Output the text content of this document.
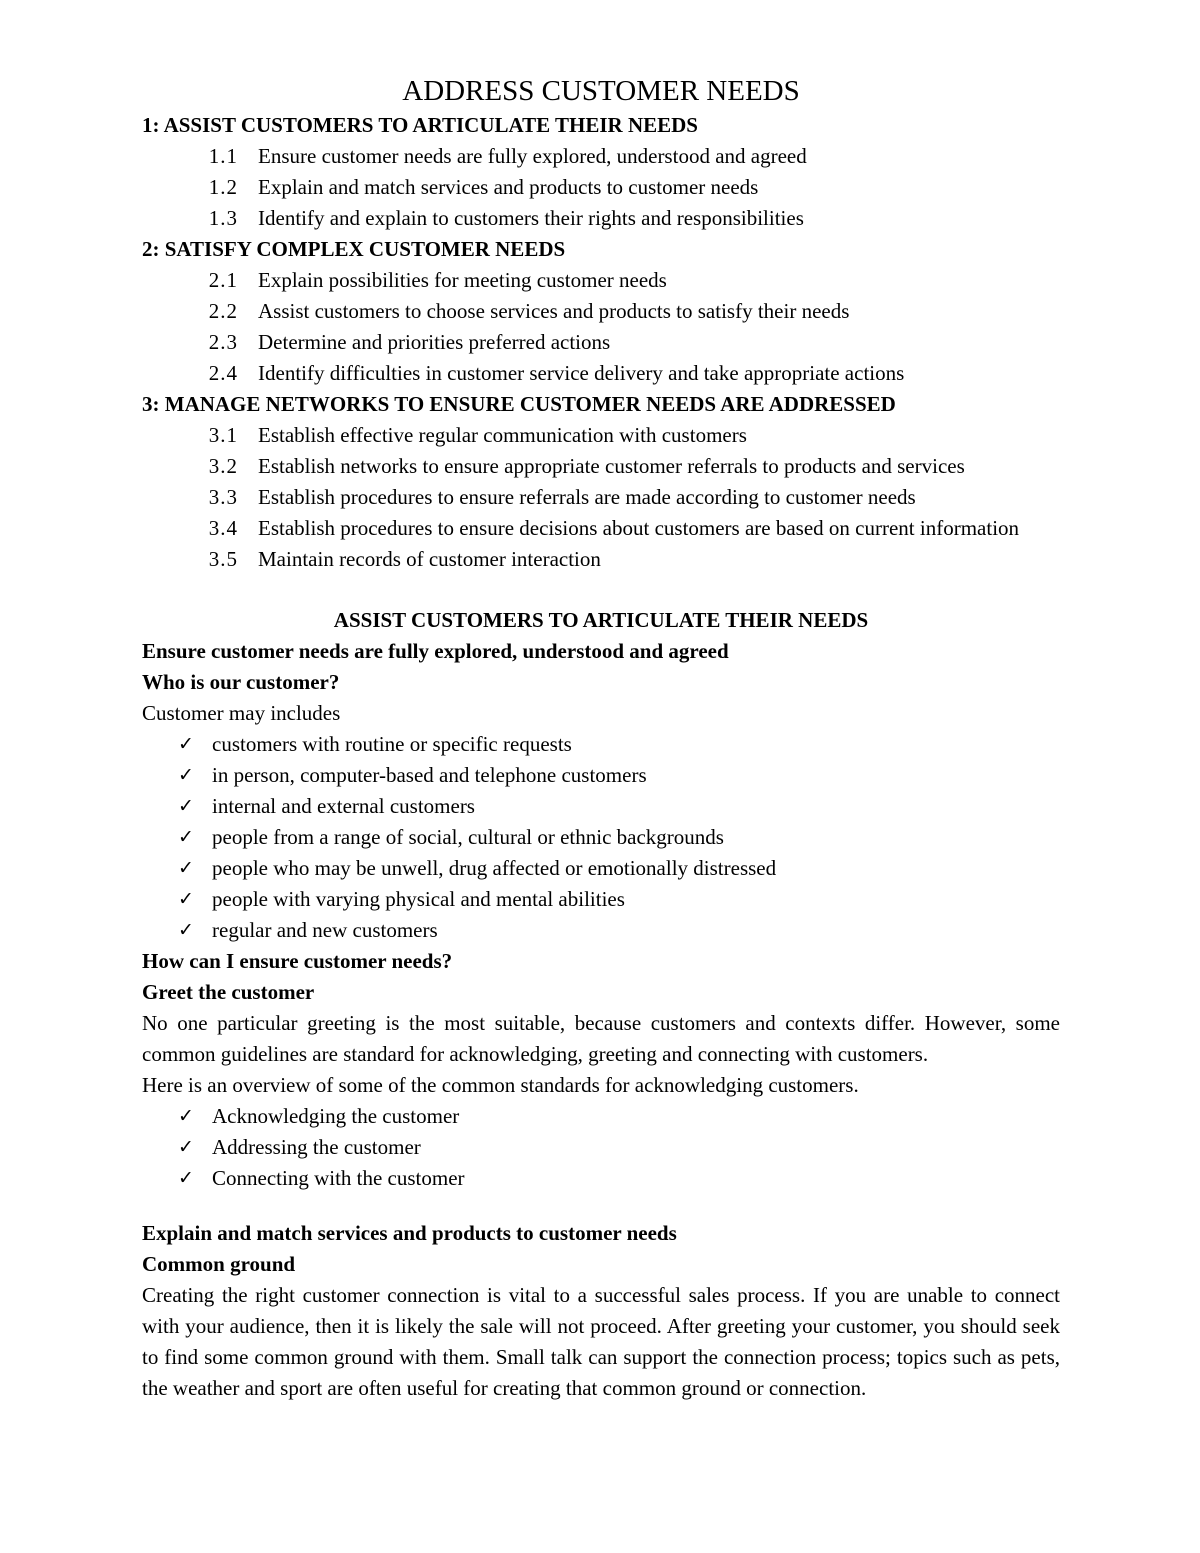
ADDRESS CUSTOMER NEEDS

1: ASSIST CUSTOMERS TO ARTICULATE THEIR NEEDS

1.1 Ensure customer needs are fully explored, understood and agreed
1.2 Explain and match services and products to customer needs
1.3 Identify and explain to customers their rights and responsibilities

2: SATISFY COMPLEX CUSTOMER NEEDS

2.1 Explain possibilities for meeting customer needs
2.2 Assist customers to choose services and products to satisfy their needs
2.3 Determine and priorities preferred actions
2.4 Identify difficulties in customer service delivery and take appropriate actions

3: MANAGE NETWORKS TO ENSURE CUSTOMER NEEDS ARE ADDRESSED

3.1 Establish effective regular communication with customers
3.2 Establish networks to ensure appropriate customer referrals to products and services
3.3 Establish procedures to ensure referrals are made according to customer needs
3.4 Establish procedures to ensure decisions about customers are based on current information
3.5 Maintain records of customer interaction

ASSIST CUSTOMERS TO ARTICULATE THEIR NEEDS

Ensure customer needs are fully explored, understood and agreed

Who is our customer?

Customer may includes

✓ customers with routine or specific requests
✓ in person, computer-based and telephone customers
✓ internal and external customers
✓ people from a range of social, cultural or ethnic backgrounds
✓ people who may be unwell, drug affected or emotionally distressed
✓ people with varying physical and mental abilities
✓ regular and new customers

How can I ensure customer needs?

Greet the customer

No one particular greeting is the most suitable, because customers and contexts differ. However, some common guidelines are standard for acknowledging, greeting and connecting with customers.

Here is an overview of some of the common standards for acknowledging customers.

✓ Acknowledging the customer
✓ Addressing the customer
✓ Connecting with the customer

Explain and match services and products to customer needs

Common ground

Creating the right customer connection is vital to a successful sales process. If you are unable to connect with your audience, then it is likely the sale will not proceed. After greeting your customer, you should seek to find some common ground with them. Small talk can support the connection process; topics such as pets, the weather and sport are often useful for creating that common ground or connection.
